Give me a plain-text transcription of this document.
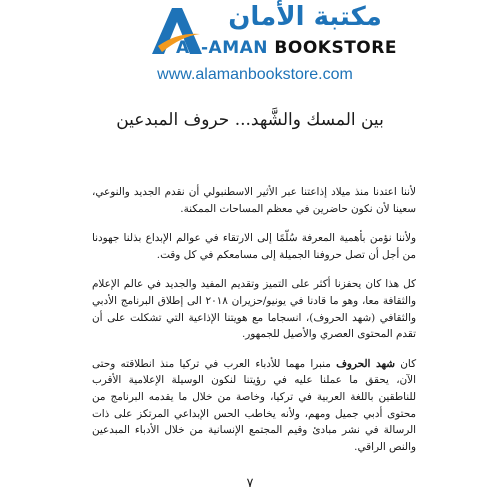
مكتبة الأمان
AL-AMAN BOOKSTORE
www.alamanbookstore.com
بين المسك والشَّهد... حروف المبدعين

لأننا اعتدنا منذ ميلاد إذاعتنا عبر الأثير الاسطنبولي أن نقدم الجديد والنوعي، سعينا لأن نكون حاضرين في معظم المساحات الممكنة.

ولأننا نؤمن بأهمية المعرفة سُلّمًا إلى الارتقاء في عوالم الإبداع بذلنا جهودنا من أجل أن تصل حروفنا الجميلة إلى مسامعكم في كل وقت.

كل هذا كان يحفزنا أكثر على التميز وتقديم المفيد والجديد في عالم الإعلام والثقافة معا، وهو ما قادنا في يونيو/حزيران ٢٠١٨ الى إطلاق البرنامج الأدبي والثقافي (شهد الحروف)، انسجاما مع هويتنا الإذاعية التي تشكلت على أن تقدم المحتوى العصري والأصيل للجمهور.

كان شهد الحروف منبرا مهما للأدباء العرب في تركيا منذ انطلاقته وحتى الآن، يحقق ما عملنا عليه في رؤيتنا لنكون الوسيلة الإعلامية الأقرب للناطقين باللغة العربية في تركيا، وخاصة من خلال ما يقدمه البرنامج من محتوى أدبي جميل ومهم، ولأنه يخاطب الحس الإبداعي المرتكز على ذات الرسالة في نشر مبادئ وقيم المجتمع الإنسانية من خلال الأدباء المبدعين والنص الراقي.

٧
